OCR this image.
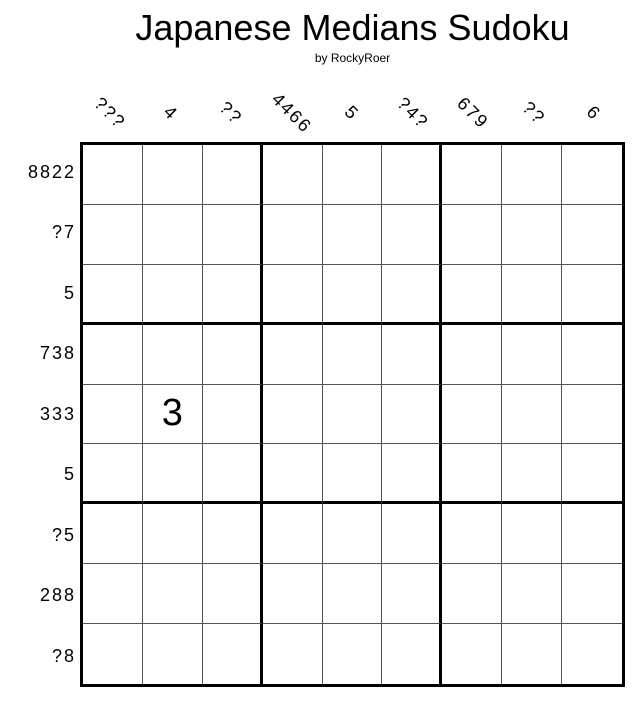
Japanese Medians Sudoku
by RockyRoer
???	4	??	4466	5	?4?	679	??	6
8822
?7
5
738
333
5
?5
288
?8
3
